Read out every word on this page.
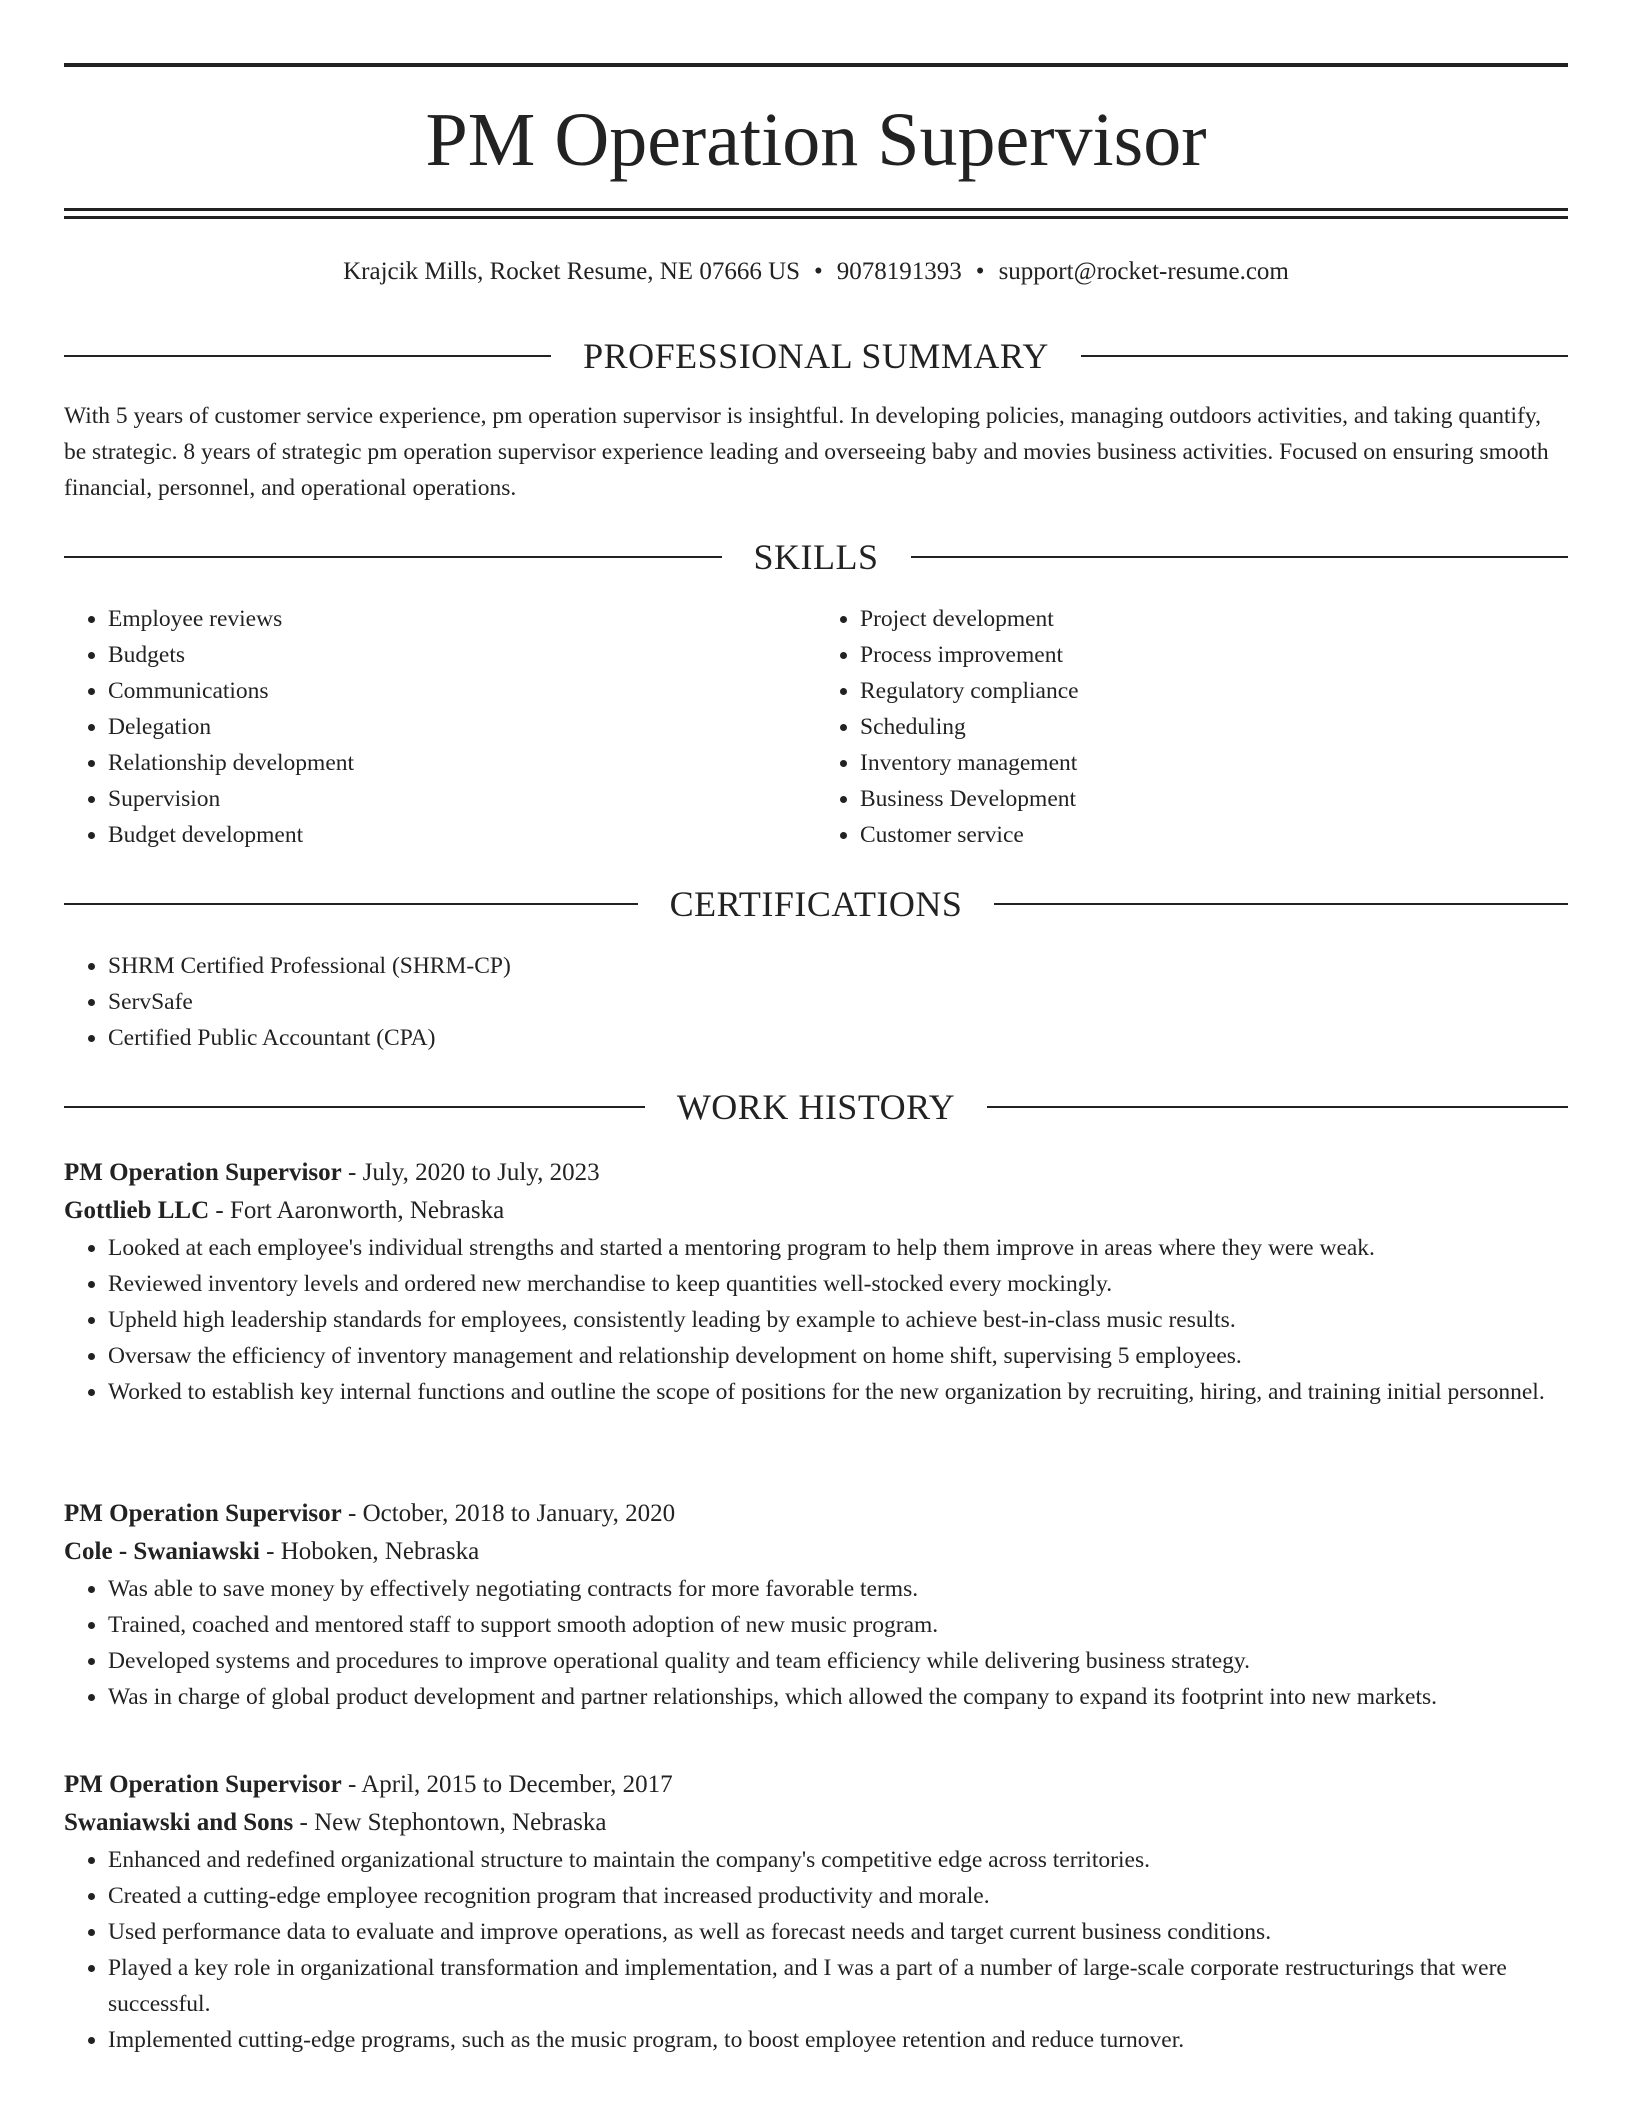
PM Operation Supervisor
Krajcik Mills, Rocket Resume, NE 07666 US • 9078191393 • support@rocket-resume.com
PROFESSIONAL SUMMARY

With 5 years of customer service experience, pm operation supervisor is insightful. In developing policies, managing outdoors activities, and taking quantify, be strategic. 8 years of strategic pm operation supervisor experience leading and overseeing baby and movies business activities. Focused on ensuring smooth financial, personnel, and operational operations.

SKILLS
• Employee reviews
• Budgets
• Communications
• Delegation
• Relationship development
• Supervision
• Budget development
• Project development
• Process improvement
• Regulatory compliance
• Scheduling
• Inventory management
• Business Development
• Customer service
CERTIFICATIONS
• SHRM Certified Professional (SHRM-CP)
• ServSafe
• Certified Public Accountant (CPA)
WORK HISTORY
PM Operation Supervisor - July, 2020 to July, 2023
Gottlieb LLC - Fort Aaronworth, Nebraska
• Looked at each employee's individual strengths and started a mentoring program to help them improve in areas where they were weak.
• Reviewed inventory levels and ordered new merchandise to keep quantities well-stocked every mockingly.
• Upheld high leadership standards for employees, consistently leading by example to achieve best-in-class music results.
• Oversaw the efficiency of inventory management and relationship development on home shift, supervising 5 employees.
• Worked to establish key internal functions and outline the scope of positions for the new organization by recruiting, hiring, and training initial personnel.
PM Operation Supervisor - October, 2018 to January, 2020
Cole - Swaniawski - Hoboken, Nebraska
• Was able to save money by effectively negotiating contracts for more favorable terms.
• Trained, coached and mentored staff to support smooth adoption of new music program.
• Developed systems and procedures to improve operational quality and team efficiency while delivering business strategy.
• Was in charge of global product development and partner relationships, which allowed the company to expand its footprint into new markets.
PM Operation Supervisor - April, 2015 to December, 2017
Swaniawski and Sons - New Stephontown, Nebraska
• Enhanced and redefined organizational structure to maintain the company's competitive edge across territories.
• Created a cutting-edge employee recognition program that increased productivity and morale.
• Used performance data to evaluate and improve operations, as well as forecast needs and target current business conditions.
• Played a key role in organizational transformation and implementation, and I was a part of a number of large-scale corporate restructurings that were successful.
• Implemented cutting-edge programs, such as the music program, to boost employee retention and reduce turnover.
